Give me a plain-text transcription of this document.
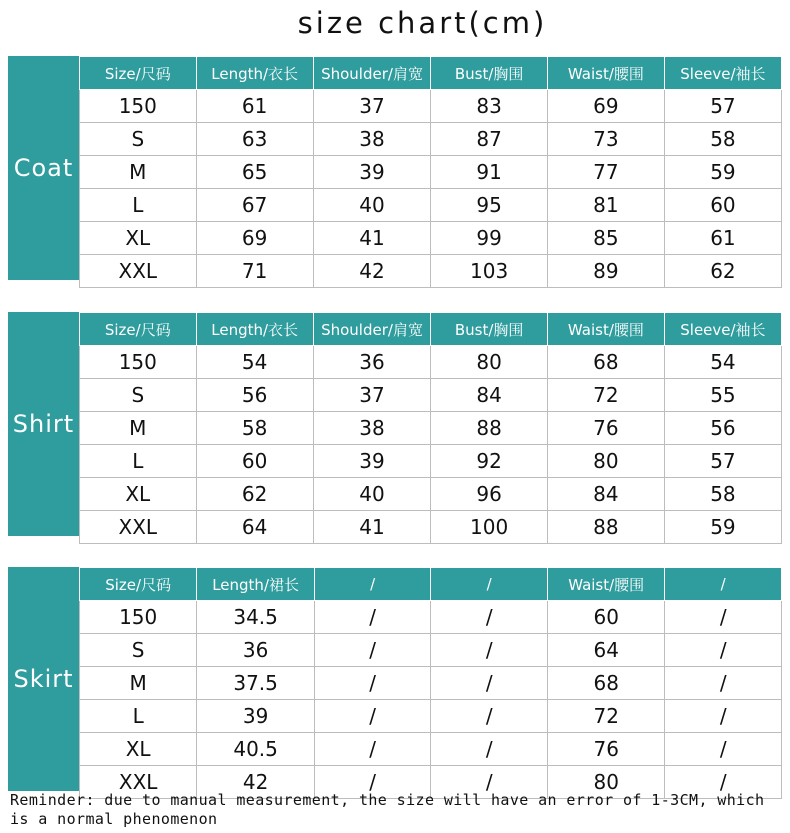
size chart(cm)
Coat
Size/尺码	Length/衣长	Shoulder/肩宽	Bust/胸围	Waist/腰围	Sleeve/袖长
150	61	37	83	69	57
S	63	38	87	73	58
M	65	39	91	77	59
L	67	40	95	81	60
XL	69	41	99	85	61
XXL	71	42	103	89	62
Shirt
Size/尺码	Length/衣长	Shoulder/肩宽	Bust/胸围	Waist/腰围	Sleeve/袖长
150	54	36	80	68	54
S	56	37	84	72	55
M	58	38	88	76	56
L	60	39	92	80	57
XL	62	40	96	84	58
XXL	64	41	100	88	59
Skirt
Size/尺码	Length/裙长	/	/	Waist/腰围	/
150	34.5	/	/	60	/
S	36	/	/	64	/
M	37.5	/	/	68	/
L	39	/	/	72	/
XL	40.5	/	/	76	/
XXL	42	/	/	80	/
Reminder: due to manual measurement, the size will have an error of 1-3CM, which is a normal phenomenon
